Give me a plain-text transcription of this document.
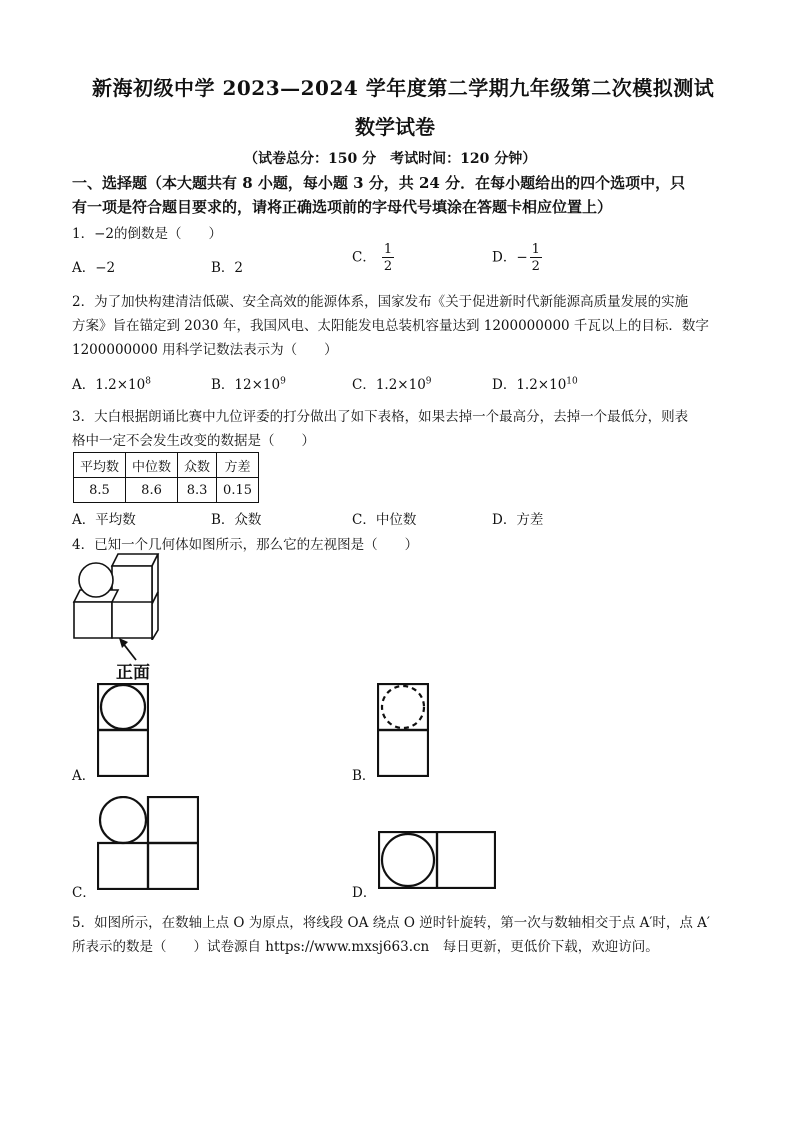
新海初级中学 2023—2024 学年度第二学期九年级第二次模拟测试
数学试卷
（试卷总分：150 分　考试时间：120 分钟）
一、选择题（本大题共有 8 小题，每小题 3 分，共 24 分．在每小题给出的四个选项中，只
有一项是符合题目要求的，请将正确选项前的字母代号填涂在答题卡相应位置上）
1．−2的倒数是（　　）
A．−2	B．2
C． $\frac{1}{2}$	D．− $\frac{1}{2}$
2．为了加快构建清洁低碳、安全高效的能源体系，国家发布《关于促进新时代新能源高质量发展的实施
方案》旨在锚定到 2030 年，我国风电、太阳能发电总装机容量达到 1200000000 千瓦以上的目标．数字
1200000000 用科学记数法表示为（　　）
A．$1.2\times 10^8$	B．$12\times 10^9$	C．$1.2\times 10^9$	D．$1.2\times 10^{10}$
3．大白根据朗诵比赛中九位评委的打分做出了如下表格，如果去掉一个最高分，去掉一个最低分，则表
格中一定不会发生改变的数据是（　　）
平均数	中位数	众数	方差
8.5	8.6	8.3	0.15
A．平均数	B．众数	C．中位数	D．方差
4．已知一个几何体如图所示，那么它的左视图是（　　）
正面
A．	B．
C．	D．
5．如图所示，在数轴上点 O 为原点，将线段 OA 绕点 O 逆时针旋转，第一次与数轴相交于点 A′时，点 A′
所表示的数是（　　）试卷源自 https://www.mxsj663.cn　每日更新，更低价下载，欢迎访问。
